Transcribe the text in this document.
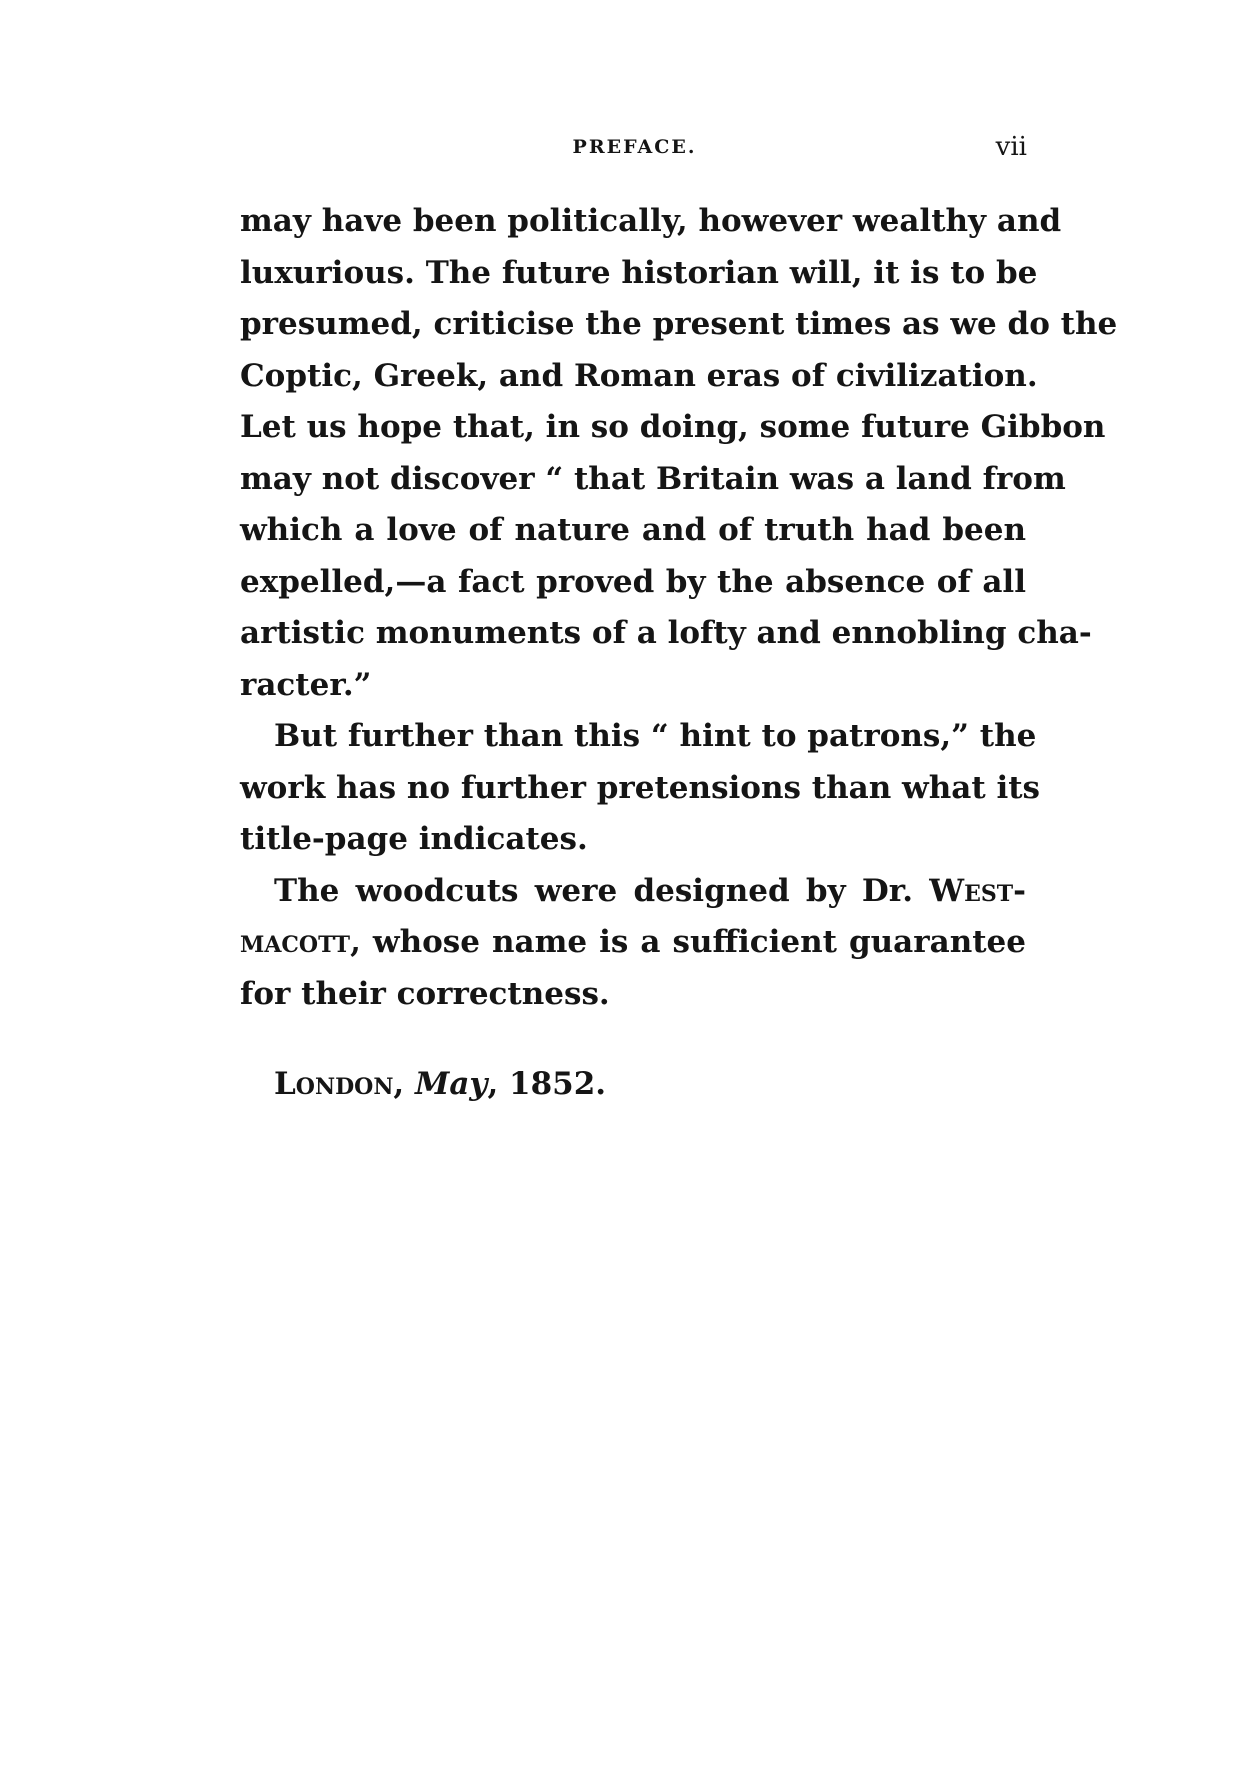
PREFACE.	vii
may have been politically, however wealthy and
luxurious. The future historian will, it is to be
presumed, criticise the present times as we do the
Coptic, Greek, and Roman eras of civilization.
Let us hope that, in so doing, some future Gibbon
may not discover “ that Britain was a land from
which a love of nature and of truth had been
expelled,—a fact proved by the absence of all
artistic monuments of a lofty and ennobling cha-
racter.”
But further than this “ hint to patrons,” the
work has no further pretensions than what its
title-page indicates.
The woodcuts were designed by Dr. West-
macott, whose name is a sufficient guarantee
for their correctness.
London, May, 1852.
